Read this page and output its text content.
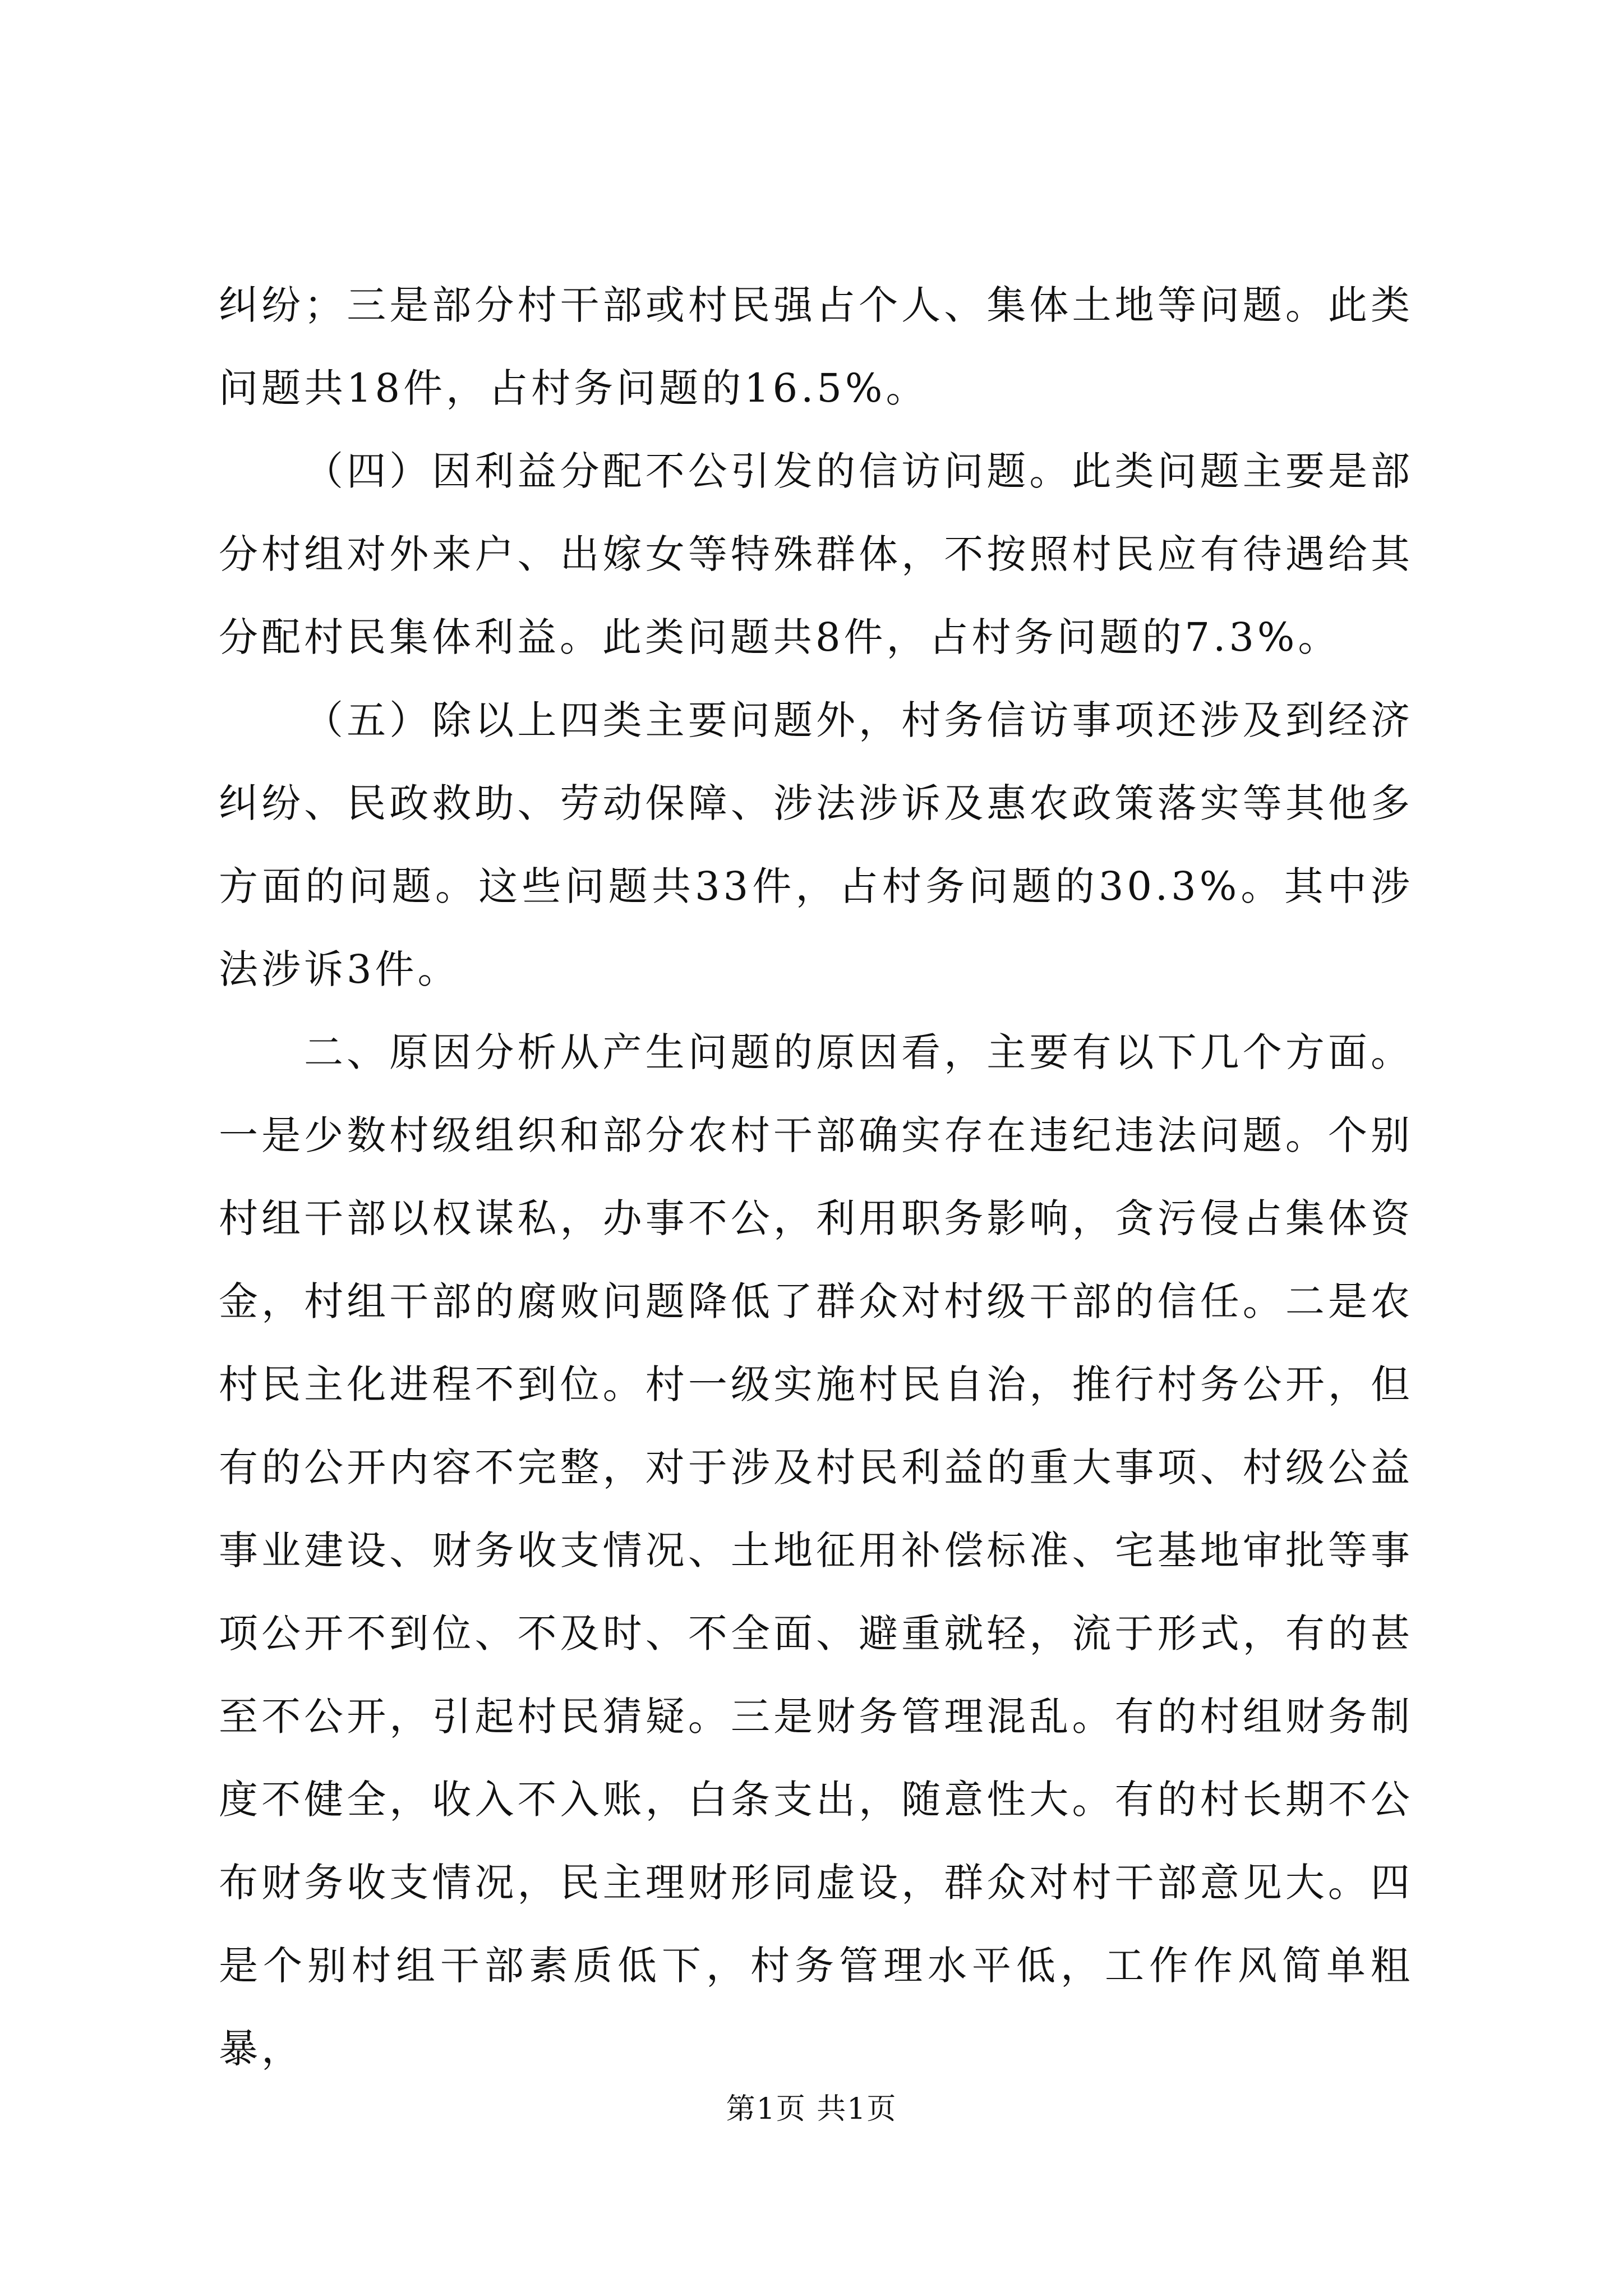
纠纷；三是部分村干部或村民强占个人、集体土地等问题。此类问题共18件，占村务问题的16.5%。

（四）因利益分配不公引发的信访问题。此类问题主要是部分村组对外来户、出嫁女等特殊群体，不按照村民应有待遇给其分配村民集体利益。此类问题共8件，占村务问题的7.3%。

（五）除以上四类主要问题外，村务信访事项还涉及到经济纠纷、民政救助、劳动保障、涉法涉诉及惠农政策落实等其他多方面的问题。这些问题共33件，占村务问题的30.3%。其中涉法涉诉3件。

二、原因分析从产生问题的原因看，主要有以下几个方面。一是少数村级组织和部分农村干部确实存在违纪违法问题。个别村组干部以权谋私，办事不公，利用职务影响，贪污侵占集体资金，村组干部的腐败问题降低了群众对村级干部的信任。二是农村民主化进程不到位。村一级实施村民自治，推行村务公开，但有的公开内容不完整，对于涉及村民利益的重大事项、村级公益事业建设、财务收支情况、土地征用补偿标准、宅基地审批等事项公开不到位、不及时、不全面、避重就轻，流于形式，有的甚至不公开，引起村民猜疑。三是财务管理混乱。有的村组财务制度不健全，收入不入账，白条支出，随意性大。有的村长期不公布财务收支情况，民主理财形同虚设，群众对村干部意见大。四是个别村组干部素质低下，村务管理水平低，工作作风简单粗暴，

第1页 共1页
